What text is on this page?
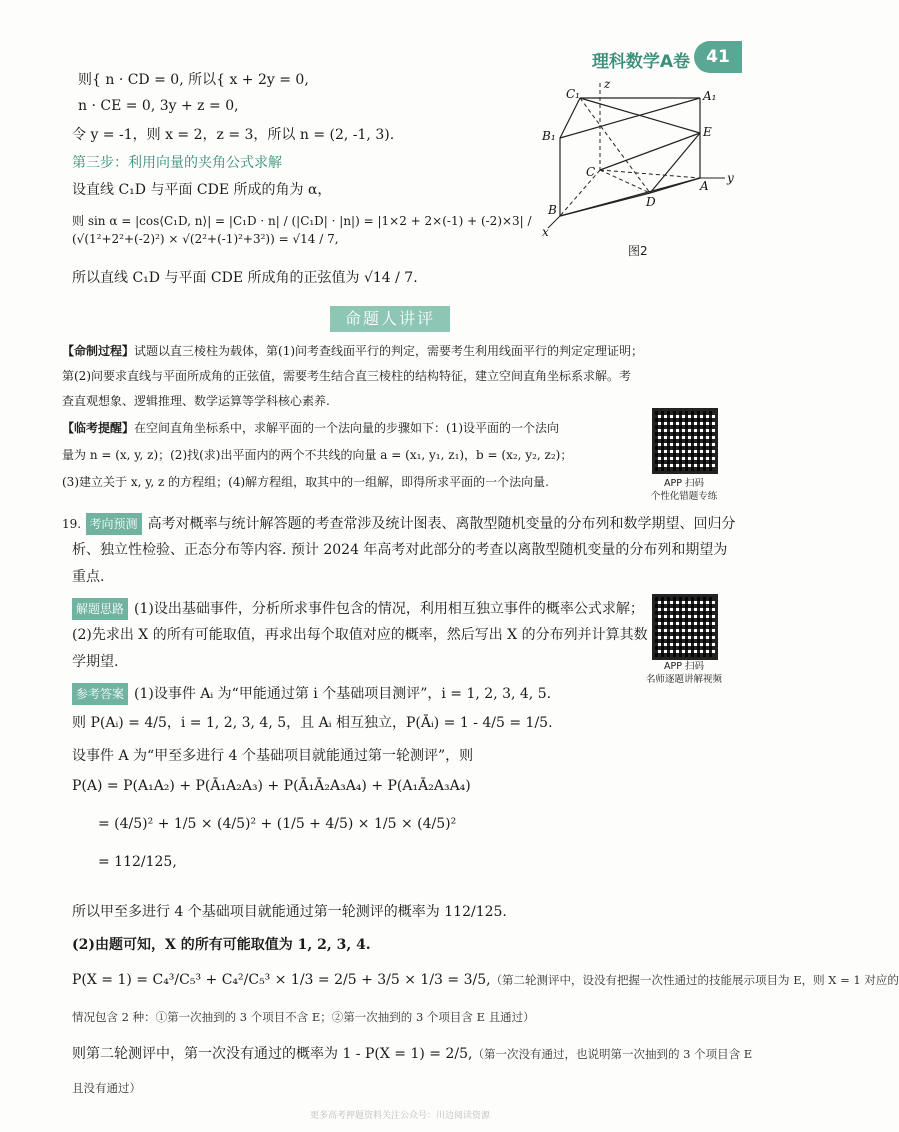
理科数学A卷 41
C₁	A₁
B₁	E
C
D
A
B
x
y
z
图2
则{ n · CD = 0, 所以{ x + 2y = 0,
n · CE = 0, 3y + z = 0,
令 y = -1，则 x = 2，z = 3，所以 n = (2, -1, 3).
第三步：利用向量的夹角公式求解
设直线 C₁D 与平面 CDE 所成的角为 α，
则 sin α = |cos⟨C₁D, n⟩| = |C₁D · n| / (|C₁D| · |n|) = |1×2 + 2×(-1) + (-2)×3| / (√(1²+2²+(-2)²) × √(2²+(-1)²+3²)) = √14 / 7,
所以直线 C₁D 与平面 CDE 所成角的正弦值为 √14 / 7.
命题人讲评
【命制过程】试题以直三棱柱为载体，第(1)问考查线面平行的判定，需要考生利用线面平行的判定定理证明；
第(2)问要求直线与平面所成角的正弦值，需要考生结合直三棱柱的结构特征，建立空间直角坐标系求解。考
查直观想象、逻辑推理、数学运算等学科核心素养.
【临考提醒】在空间直角坐标系中，求解平面的一个法向量的步骤如下：(1)设平面的一个法向
量为 n = (x, y, z)；(2)找(求)出平面内的两个不共线的向量 a = (x₁, y₁, z₁)，b = (x₂, y₂, z₂)；
(3)建立关于 x, y, z 的方程组；(4)解方程组，取其中的一组解，即得所求平面的一个法向量.	APP 扫码
个性化错题专练
19. 考向预测 高考对概率与统计解答题的考查常涉及统计图表、离散型随机变量的分布列和数学期望、回归分
析、独立性检验、正态分布等内容. 预计 2024 年高考对此部分的考查以离散型随机变量的分布列和期望为
重点.
解题思路 (1)设出基础事件，分析所求事件包含的情况，利用相互独立事件的概率公式求解；
(2)先求出 X 的所有可能取值，再求出每个取值对应的概率，然后写出 X 的分布列并计算其数
学期望.	APP 扫码
名师逐题讲解视频
参考答案 (1)设事件 Aᵢ 为“甲能通过第 i 个基础项目测评”，i = 1, 2, 3, 4, 5.
则 P(Aᵢ) = 4/5，i = 1, 2, 3, 4, 5，且 Aᵢ 相互独立，P(Āᵢ) = 1 - 4/5 = 1/5.
设事件 A 为“甲至多进行 4 个基础项目就能通过第一轮测评”，则
P(A) = P(A₁A₂) + P(Ā₁A₂A₃) + P(Ā₁Ā₂A₃A₄) + P(A₁Ā₂A₃A₄)
= (4/5)² + 1/5 × (4/5)² + (1/5 + 4/5) × 1/5 × (4/5)²
= 112/125,
所以甲至多进行 4 个基础项目就能通过第一轮测评的概率为 112/125.
(2)由题可知，X 的所有可能取值为 1, 2, 3, 4.
P(X = 1) = C₄³/C₅³ + C₄²/C₅³ × 1/3 = 2/5 + 3/5 × 1/3 = 3/5,（第二轮测评中，设没有把握一次性通过的技能展示项目为 E，则 X = 1 对应的
情况包含 2 种：①第一次抽到的 3 个项目不含 E；②第一次抽到的 3 个项目含 E 且通过）
则第二轮测评中，第一次没有通过的概率为 1 - P(X = 1) = 2/5,（第一次没有通过，也说明第一次抽到的 3 个项目含 E
且没有通过）
更多高考押题资料关注公众号：川边阅读资源
